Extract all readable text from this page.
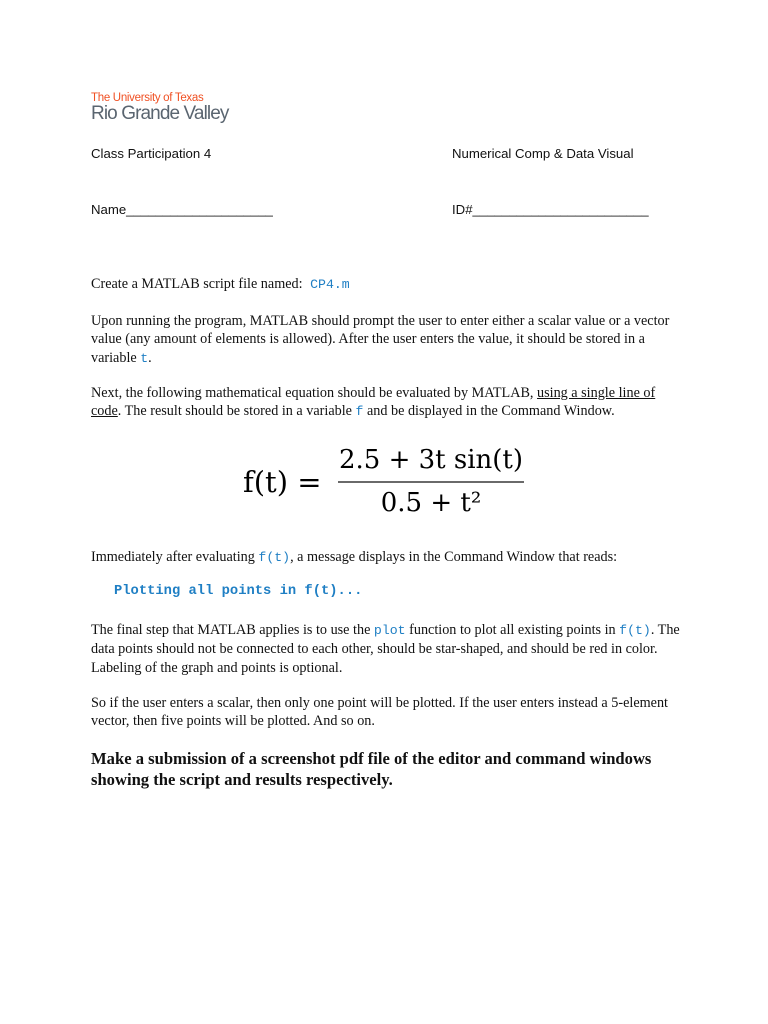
The University of Texas
Rio Grande Valley
Class Participation 4	Numerical Comp & Data Visual
Name____________________	ID#________________________
Create a MATLAB script file named: CP4.m
Upon running the program, MATLAB should prompt the user to enter either a scalar value or a vector value (any amount of elements is allowed). After the user enters the value, it should be stored in a variable t.
Next, the following mathematical equation should be evaluated by MATLAB, using a single line of code. The result should be stored in a variable f and be displayed in the Command Window.
f(t) =
2.5 + 3t sin(t)
0.5 + t²
Immediately after evaluating f(t), a message displays in the Command Window that reads:
Plotting all points in f(t)...
The final step that MATLAB applies is to use the plot function to plot all existing points in f(t). The data points should not be connected to each other, should be star-shaped, and should be red in color. Labeling of the graph and points is optional.
So if the user enters a scalar, then only one point will be plotted. If the user enters instead a 5-element vector, then five points will be plotted. And so on.
Make a submission of a screenshot pdf file of the editor and command windows showing the script and results respectively.
